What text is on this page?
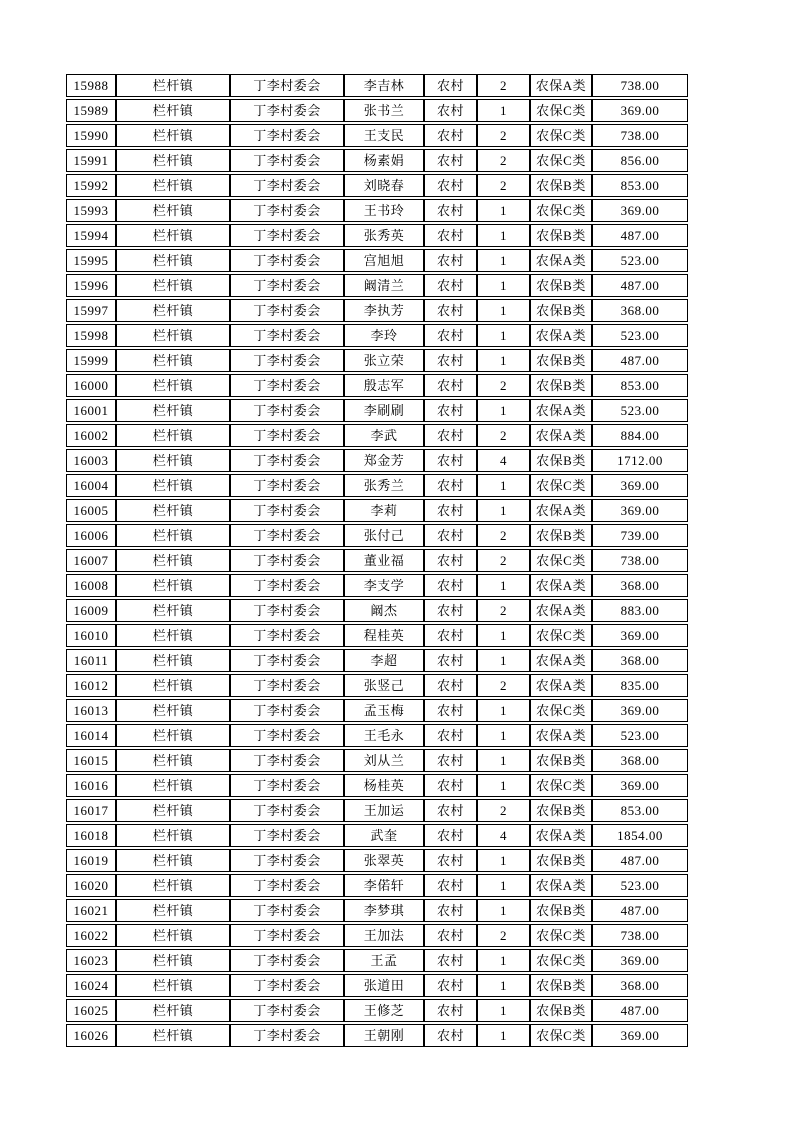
15988	栏杆镇	丁李村委会	李吉林	农村	2	农保A类	738.00
15989	栏杆镇	丁李村委会	张书兰	农村	1	农保C类	369.00
15990	栏杆镇	丁李村委会	王支民	农村	2	农保C类	738.00
15991	栏杆镇	丁李村委会	杨素娟	农村	2	农保C类	856.00
15992	栏杆镇	丁李村委会	刘晓春	农村	2	农保B类	853.00
15993	栏杆镇	丁李村委会	王书玲	农村	1	农保C类	369.00
15994	栏杆镇	丁李村委会	张秀英	农村	1	农保B类	487.00
15995	栏杆镇	丁李村委会	宫旭旭	农村	1	农保A类	523.00
15996	栏杆镇	丁李村委会	阚清兰	农村	1	农保B类	487.00
15997	栏杆镇	丁李村委会	李执芳	农村	1	农保B类	368.00
15998	栏杆镇	丁李村委会	李玲	农村	1	农保A类	523.00
15999	栏杆镇	丁李村委会	张立荣	农村	1	农保B类	487.00
16000	栏杆镇	丁李村委会	殷志军	农村	2	农保B类	853.00
16001	栏杆镇	丁李村委会	李刷刷	农村	1	农保A类	523.00
16002	栏杆镇	丁李村委会	李武	农村	2	农保A类	884.00
16003	栏杆镇	丁李村委会	郑金芳	农村	4	农保B类	1712.00
16004	栏杆镇	丁李村委会	张秀兰	农村	1	农保C类	369.00
16005	栏杆镇	丁李村委会	李莉	农村	1	农保A类	369.00
16006	栏杆镇	丁李村委会	张付己	农村	2	农保B类	739.00
16007	栏杆镇	丁李村委会	董业福	农村	2	农保C类	738.00
16008	栏杆镇	丁李村委会	李支学	农村	1	农保A类	368.00
16009	栏杆镇	丁李村委会	阚杰	农村	2	农保A类	883.00
16010	栏杆镇	丁李村委会	程桂英	农村	1	农保C类	369.00
16011	栏杆镇	丁李村委会	李超	农村	1	农保A类	368.00
16012	栏杆镇	丁李村委会	张竖己	农村	2	农保A类	835.00
16013	栏杆镇	丁李村委会	孟玉梅	农村	1	农保C类	369.00
16014	栏杆镇	丁李村委会	王毛永	农村	1	农保A类	523.00
16015	栏杆镇	丁李村委会	刘从兰	农村	1	农保B类	368.00
16016	栏杆镇	丁李村委会	杨桂英	农村	1	农保C类	369.00
16017	栏杆镇	丁李村委会	王加运	农村	2	农保B类	853.00
16018	栏杆镇	丁李村委会	武奎	农村	4	农保A类	1854.00
16019	栏杆镇	丁李村委会	张翠英	农村	1	农保B类	487.00
16020	栏杆镇	丁李村委会	李偌轩	农村	1	农保A类	523.00
16021	栏杆镇	丁李村委会	李梦琪	农村	1	农保B类	487.00
16022	栏杆镇	丁李村委会	王加法	农村	2	农保C类	738.00
16023	栏杆镇	丁李村委会	王孟	农村	1	农保C类	369.00
16024	栏杆镇	丁李村委会	张道田	农村	1	农保B类	368.00
16025	栏杆镇	丁李村委会	王修芝	农村	1	农保B类	487.00
16026	栏杆镇	丁李村委会	王朝刚	农村	1	农保C类	369.00
